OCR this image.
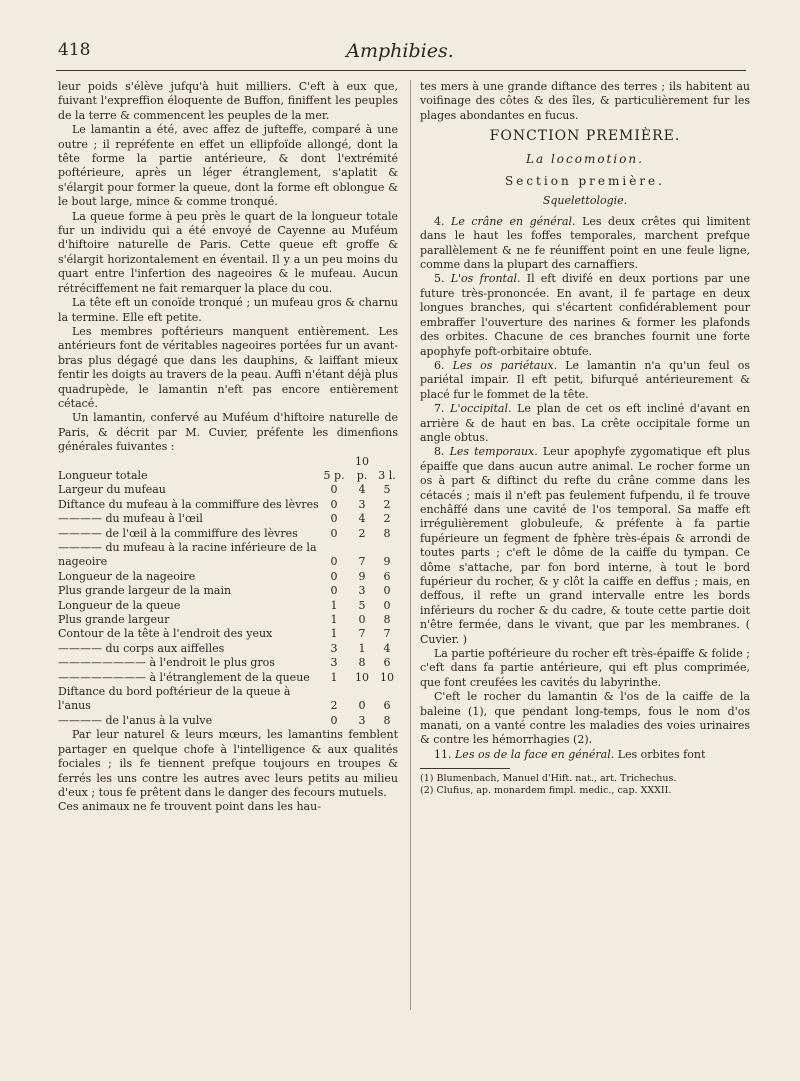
418	Amphibies.

leur poids s'élève jufqu'à huit milliers. C'eft à eux que, fuivant l'expreffion éloquente de Buffon, finiffent les peuples de la terre & commencent les peuples de la mer.

Le lamantin a été, avec affez de jufteffe, comparé à une outre ; il repréfente en effet un ellipfoïde allongé, dont la tête forme la partie antérieure, & dont l'extrémité poftérieure, après un léger étranglement, s'aplatit & s'élargit pour former la queue, dont la forme eft oblongue & le bout large, mince & comme tronqué.

La queue forme à peu près le quart de la longueur totale fur un individu qui a été envoyé de Cayenne au Muféum d'hiftoire naturelle de Paris. Cette queue eft groffe & s'élargit horizontalement en éventail. Il y a un peu moins du quart entre l'infertion des nageoires & le mufeau. Aucun rétréciffement ne fait remarquer la place du cou.

La tête eft un conoïde tronqué ; un mufeau gros & charnu la termine. Elle eft petite.

Les membres poftérieurs manquent entièrement. Les antérieurs font de véritables nageoires portées fur un avant-bras plus dégagé que dans les dauphins, & laiffant mieux fentir les doigts au travers de la peau. Auffi n'étant déjà plus quadrupède, le lamantin n'eft pas encore entièrement cétacé.

Un lamantin, confervé au Muféum d'hiftoire naturelle de Paris, & décrit par M. Cuvier, préfente les dimenfions générales fuivantes :

Longueur totale	5 p.	10 p.	3 l.
Largeur du mufeau	0	4	5
Diftance du mufeau à la commiffure des lèvres	0	3	2
———— du mufeau à l'œil	0	4	2
———— de l'œil à la commiffure des lèvres	0	2	8
———— du mufeau à la racine inférieure de la nageoire	0	7	9
Longueur de la nageoire	0	9	6
Plus grande largeur de la main	0	3	0
Longueur de la queue	1	5	0
Plus grande largeur	1	0	8
Contour de la tête à l'endroit des yeux	1	7	7
———— du corps aux aiffelles	3	1	4
———————— à l'endroit le plus gros	3	8	6
———————— à l'étranglement de la queue	1	10	10
Diftance du bord poftérieur de la queue à l'anus	2	0	6
———— de l'anus à la vulve	0	3	8

Par leur naturel & leurs mœurs, les lamantins femblent partager en quelque chofe à l'intelligence & aux qualités fociales ; ils fe tiennent prefque toujours en troupes & ferrés les uns contre les autres avec leurs petits au milieu d'eux ; tous fe prêtent dans le danger des fecours mutuels.

Ces animaux ne fe trouvent point dans les hau-

tes mers à une grande diftance des terres ; ils habitent au voifinage des côtes & des îles, & particulièrement fur les plages abondantes en fucus.

FONCTION PREMIÈRE.
La locomotion.
Section première.
Squelettologie.

4. Le crâne en général. Les deux crêtes qui limitent dans le haut les foffes temporales, marchent prefque parallèlement & ne fe réuniffent point en une feule ligne, comme dans la plupart des carnaffiers.

5. L'os frontal. Il eft divifé en deux portions par une future très-prononcée. En avant, il fe partage en deux longues branches, qui s'écartent confidérablement pour embraffer l'ouverture des narines & former les plafonds des orbites. Chacune de ces branches fournit une forte apophyfe poft-orbitaire obtufe.

6. Les os pariétaux. Le lamantin n'a qu'un feul os pariétal impair. Il eft petit, bifurqué antérieurement & placé fur le fommet de la tête.

7. L'occipital. Le plan de cet os eft incliné d'avant en arrière & de haut en bas. La crête occipitale forme un angle obtus.

8. Les temporaux. Leur apophyfe zygomatique eft plus épaiffe que dans aucun autre animal. Le rocher forme un os à part & diftinct du refte du crâne comme dans les cétacés ; mais il n'eft pas feulement fufpendu, il fe trouve enchâffé dans une cavité de l'os temporal. Sa maffe eft irrégulièrement globuleufe, & préfente à fa partie fupérieure un fegment de fphère très-épais & arrondi de toutes parts ; c'eft le dôme de la caiffe du tympan. Ce dôme s'attache, par fon bord interne, à tout le bord fupérieur du rocher, & y clôt la caiffe en deffus ; mais, en deffous, il refte un grand intervalle entre les bords inférieurs du rocher & du cadre, & toute cette partie doit n'être fermée, dans le vivant, que par les membranes. ( Cuvier. )

La partie poftérieure du rocher eft très-épaiffe & folide ; c'eft dans fa partie antérieure, qui eft plus comprimée, que font creufées les cavités du labyrinthe.

C'eft le rocher du lamantin & l'os de la caiffe de la baleine (1), que pendant long-temps, fous le nom d'os manati, on a vanté contre les maladies des voies urinaires & contre les hémorrhagies (2).

11. Les os de la face en général. Les orbites font

(1) Blumenbach, Manuel d'Hift. nat., art. Trichechus.

(2) Clufius, ap. monardem fimpl. medic., cap. XXXII.
